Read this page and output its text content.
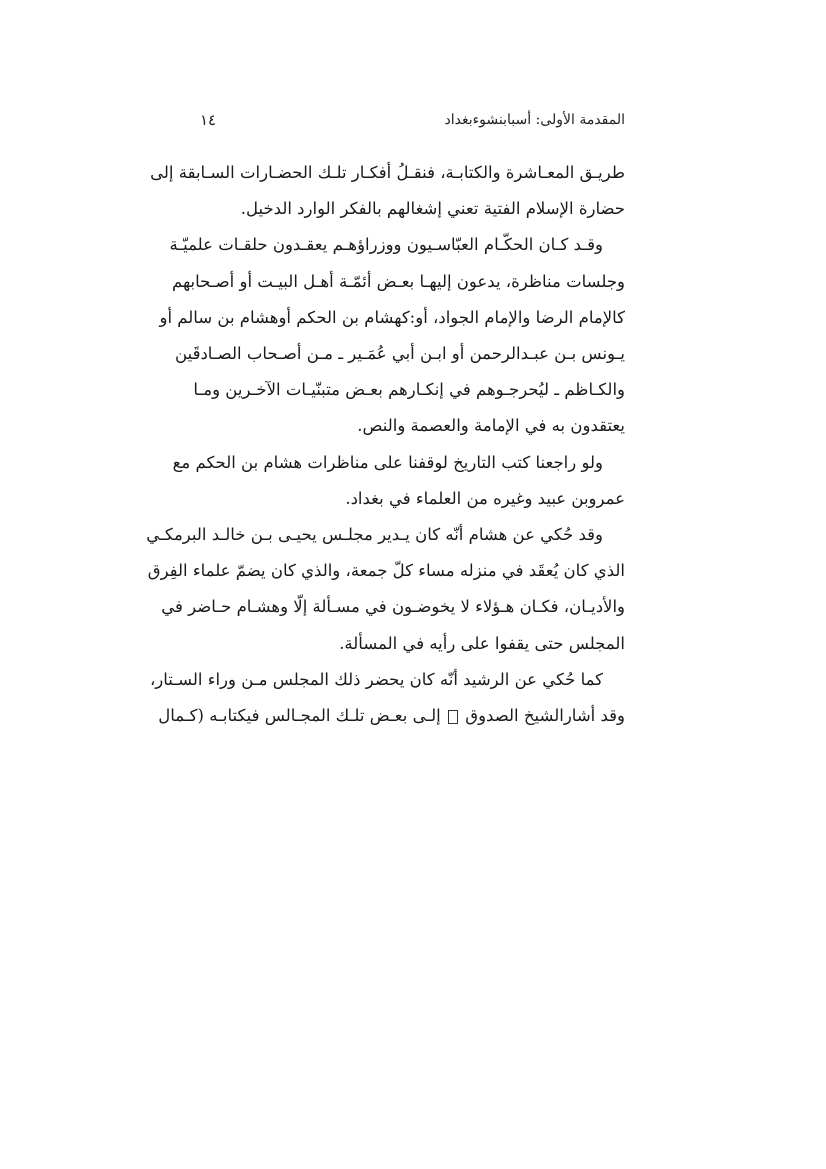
المقدمة الأولى: أسبابنشوءبغداد
١٤
طريـق المعـاشرة والكتابـة، فنقـلُ أفكـار تلـك الحضـارات السـابقة إلى
حضارة الإسلام الفتية تعني إشغالهم بالفكر الوارد الدخيل.
وقـد كـان الحكّـام العبّاسـيون ووزراؤهـم يعقـدون حلقـات علميّـة
وجلسات مناظرة، يدعون إليهـا بعـض أئمّـة أهـل البيـت أو أصـحابهم
كالإمام الرضا والإمام الجواد، أو:كهشام بن الحكم أوهشام بن سالم أو
يـونس بـن عبـدالرحمن أو ابـن أبي عُمَـير ـ مـن أصـحاب الصـادقَين
والكـاظم ـ ليُحرجـوهم في إنكـارهم بعـض متبنّيـات الآخـرين ومـا
يعتقدون به في الإمامة والعصمة والنص.
ولو راجعنا كتب التاريخ لوقفنا على مناظرات هشام بن الحكم مع
عمروبن عبيد وغيره من العلماء في بغداد.
وقد حُكي عن هشام أنّه كان يـدير مجلـس يحيـى بـن خالـد البرمكـي
الذي كان يُعقَد في منزله مساء كلّ جمعة، والذي كان يضمّ علماء الفِرق
والأديـان، فكـان هـؤلاء لا يخوضـون في مسـألة إلّا وهشـام حـاضر في
المجلس حتى يقفوا على رأيه في المسألة.
كما حُكي عن الرشيد أنّه كان يحضر ذلك المجلس مـن وراء السـتار،
وقد أشارالشيخ الصدوق  إلـى بعـض تلـك المجـالس فيكتابـه (كـمال
